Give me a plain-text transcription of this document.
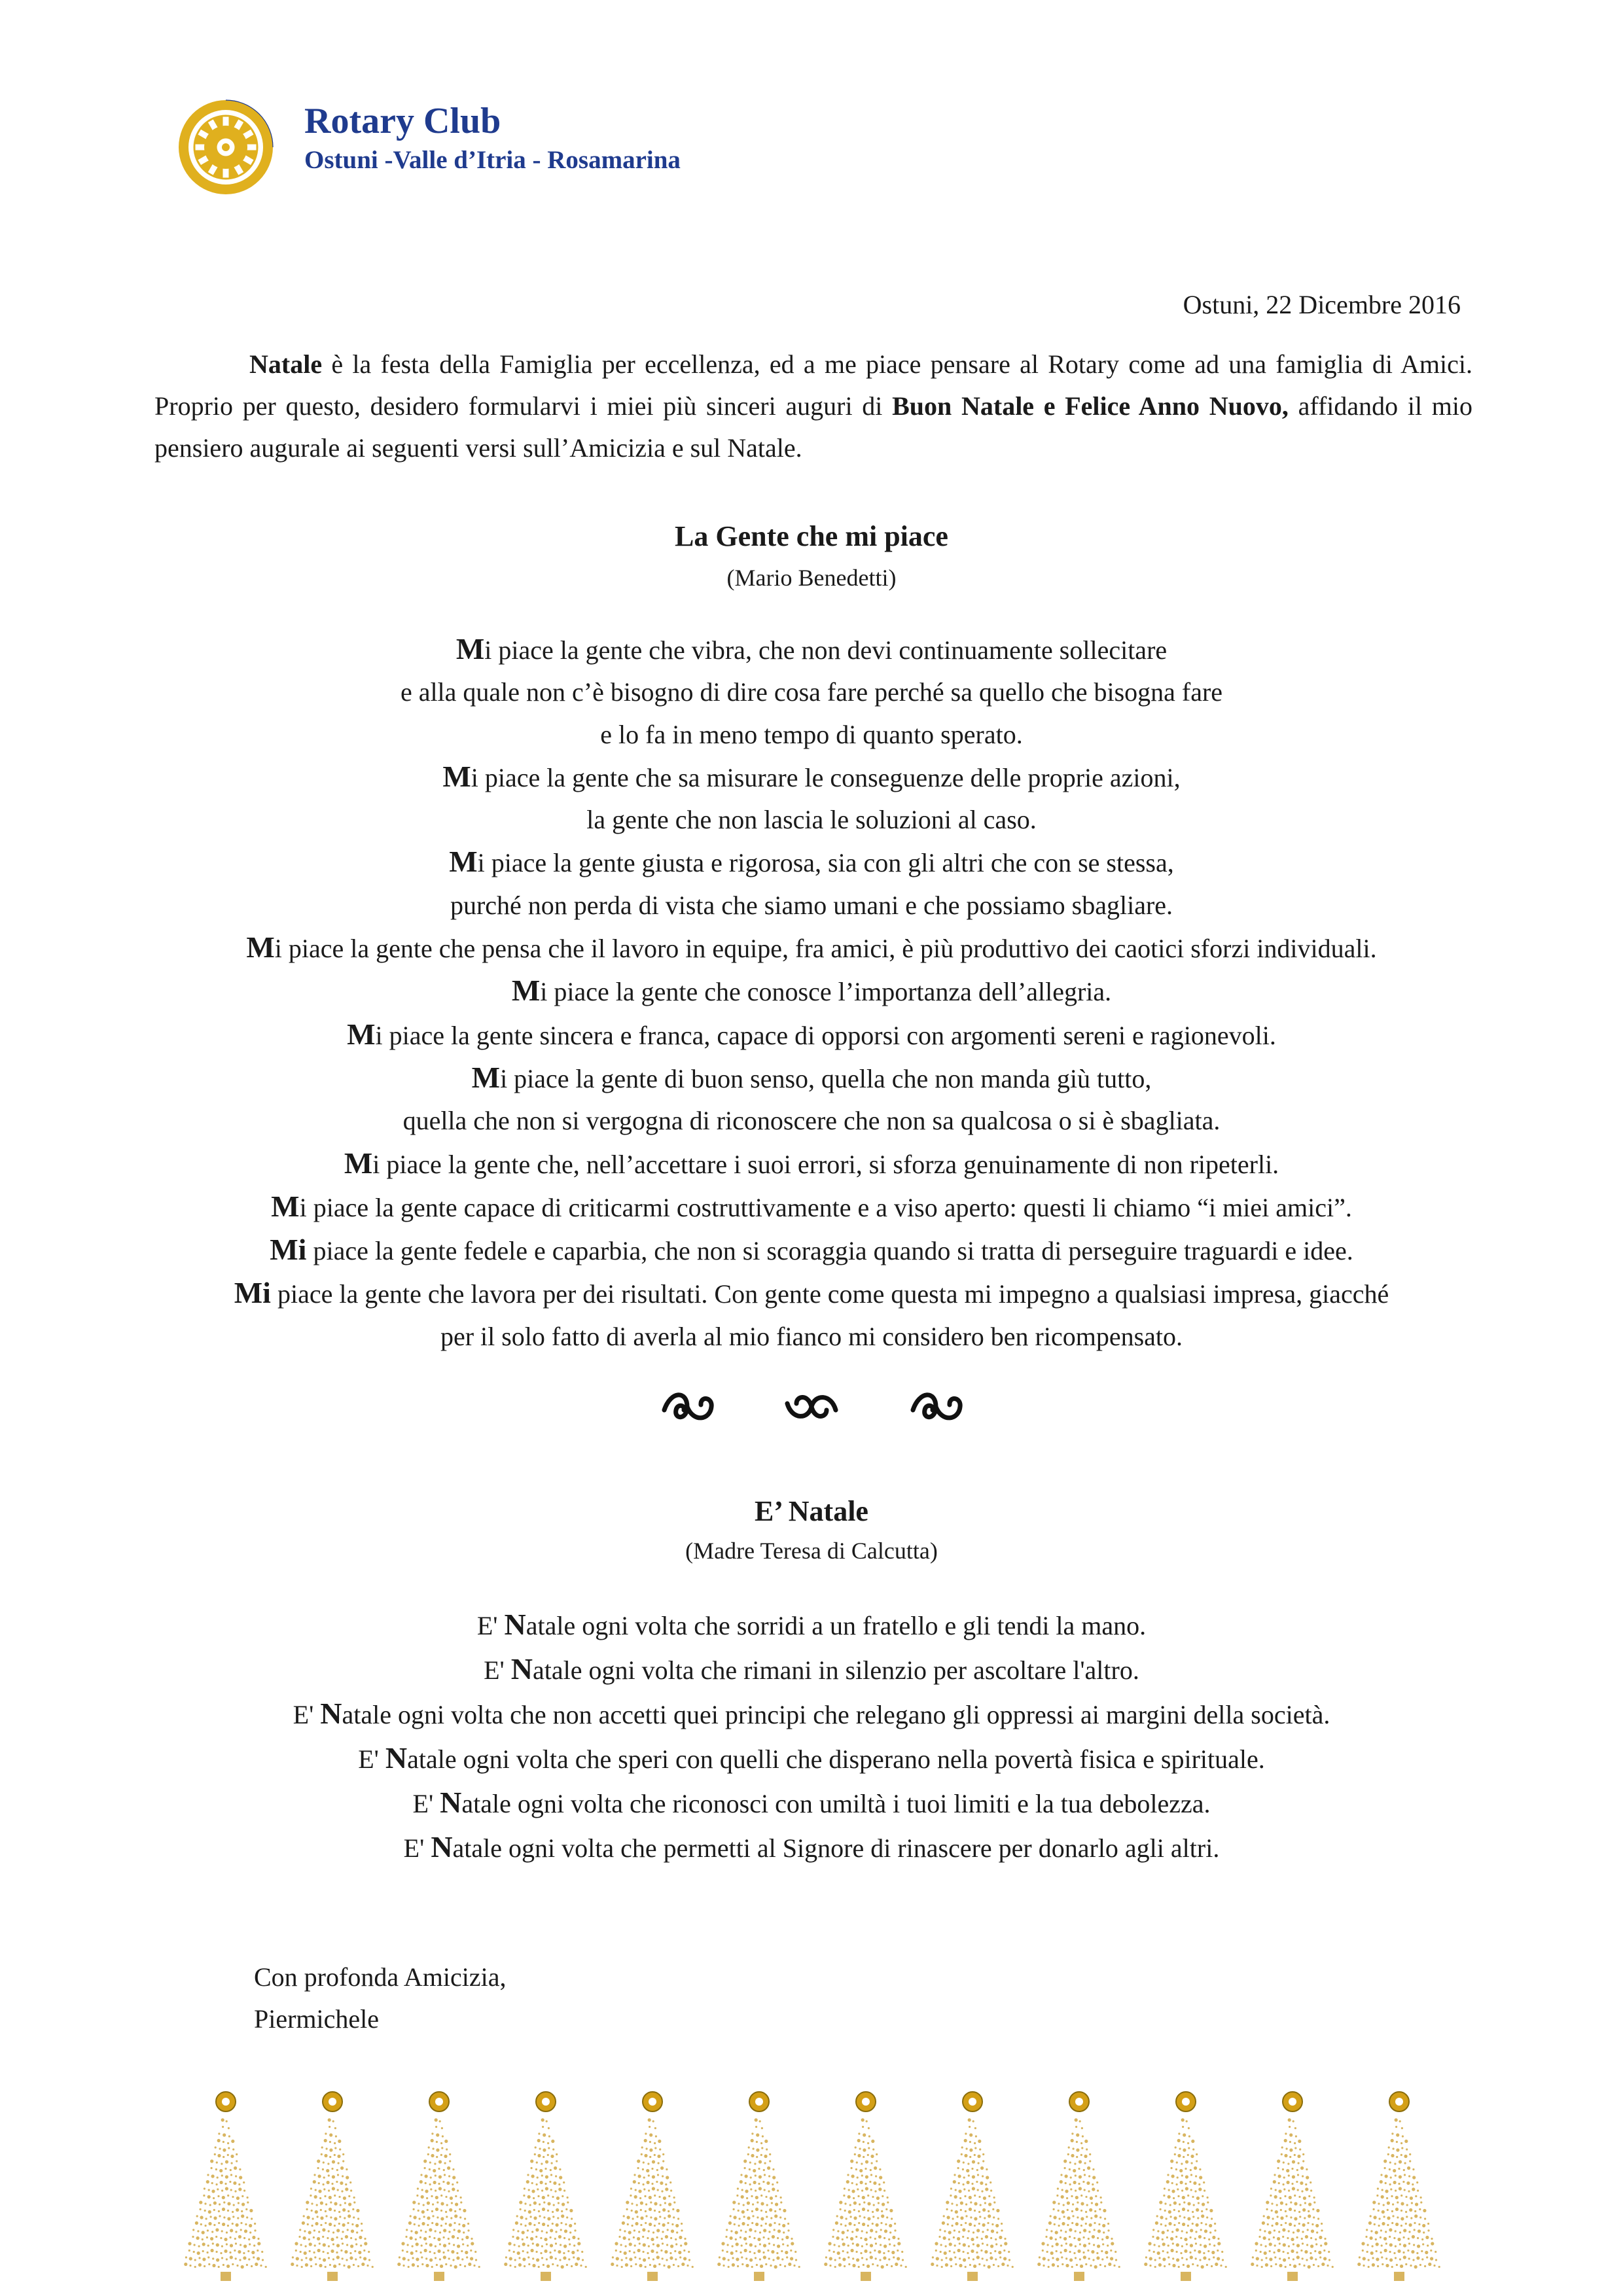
Rotary Club
Ostuni -Valle d’Itria - Rosamarina
Ostuni, 22 Dicembre 2016
Natale è la festa della Famiglia per eccellenza, ed a me piace pensare al Rotary come ad una famiglia di Amici. Proprio per questo, desidero formularvi i miei più sinceri auguri di Buon Natale e Felice Anno Nuovo, affidando il mio pensiero augurale ai seguenti versi sull’Amicizia e sul Natale.
La Gente che mi piace
(Mario Benedetti)
Mi piace la gente che vibra, che non devi continuamente sollecitare
e alla quale non c’è bisogno di dire cosa fare perché sa quello che bisogna fare
e lo fa in meno tempo di quanto sperato.
Mi piace la gente che sa misurare le conseguenze delle proprie azioni,
la gente che non lascia le soluzioni al caso.
Mi piace la gente giusta e rigorosa, sia con gli altri che con se stessa,
purché non perda di vista che siamo umani e che possiamo sbagliare.
Mi piace la gente che pensa che il lavoro in equipe, fra amici, è più produttivo dei caotici sforzi individuali.
Mi piace la gente che conosce l’importanza dell’allegria.
Mi piace la gente sincera e franca, capace di opporsi con argomenti sereni e ragionevoli.
Mi piace la gente di buon senso, quella che non manda giù tutto,
quella che non si vergogna di riconoscere che non sa qualcosa o si è sbagliata.
Mi piace la gente che, nell’accettare i suoi errori, si sforza genuinamente di non ripeterli.
Mi piace la gente capace di criticarmi costruttivamente e a viso aperto: questi li chiamo “i miei amici”.
Mi piace la gente fedele e caparbia, che non si scoraggia quando si tratta di perseguire traguardi e idee.
Mi piace la gente che lavora per dei risultati. Con gente come questa mi impegno a qualsiasi impresa, giacché
per il solo fatto di averla al mio fianco mi considero ben ricompensato.
E’ Natale
(Madre Teresa di Calcutta)
E' Natale ogni volta che sorridi a un fratello e gli tendi la mano.
E' Natale ogni volta che rimani in silenzio per ascoltare l'altro.
E' Natale ogni volta che non accetti quei principi che relegano gli oppressi ai margini della società.
E' Natale ogni volta che speri con quelli che disperano nella povertà fisica e spirituale.
E' Natale ogni volta che riconosci con umiltà i tuoi limiti e la tua debolezza.
E' Natale ogni volta che permetti al Signore di rinascere per donarlo agli altri.
Con profonda Amicizia,
Piermichele
